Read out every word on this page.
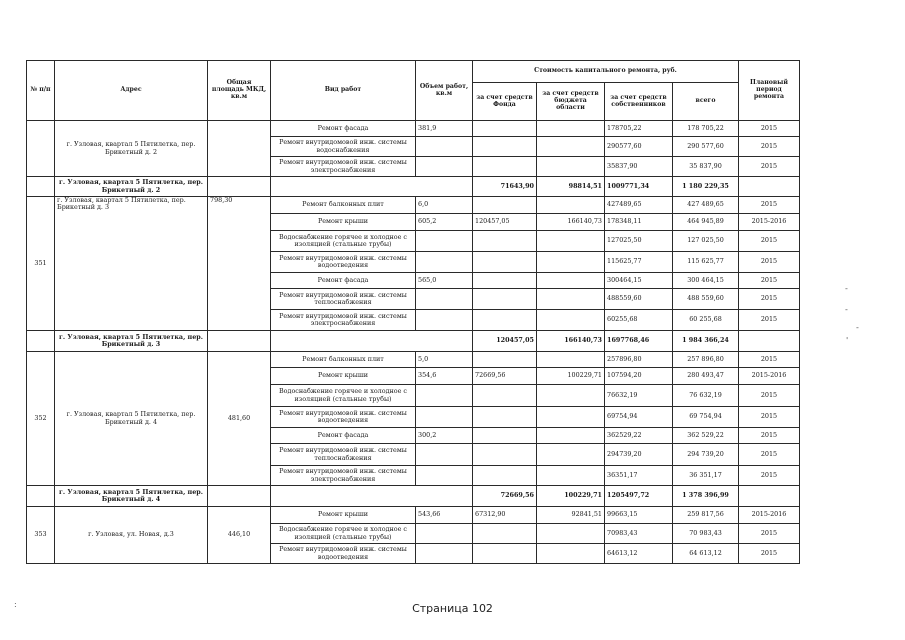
№ п/п	Адрес	Общая площадь МКД, кв.м	Вид работ	Объем работ, кв.м	Стоимость капитального ремонта, руб.				Плановый период ремонта
					за счет средств Фонда	за счет средств бюджета области	за счет средств собственников	всего	
	г. Узловая, квартал 5 Пятилетка, пер. Брикетный д. 2		Ремонт фасада	381,9			178705,22	178 705,22	2015
			Ремонт внутридомовой инж. системы водоснабжения				290577,60	290 577,60	2015
			Ремонт внутридомовой инж. системы электроснабжения				35837,90	35 837,90	2015
	г. Узловая, квартал 5 Пятилетка, пер. Брикетный д. 2				71643,90	98814,51	1009771,34	1 180 229,35	
351	г. Узловая, квартал 5 Пятилетка, пер. Брикетный д. 3	798,30	Ремонт балконных плит	6,0			427489,65	427 489,65	2015
			Ремонт крыши	605,2	120457,05	166140,73	178348,11	464 945,89	2015-2016
			Водоснабжение горячее и холодное с изоляцией (стальные трубы)				127025,50	127 025,50	2015
			Ремонт внутридомовой инж. системы водоотведения				115625,77	115 625,77	2015
			Ремонт фасада	565,0			300464,15	300 464,15	2015
			Ремонт внутридомовой инж. системы теплоснабжения				488559,60	488 559,60	2015
			Ремонт внутридомовой инж. системы электроснабжения				60255,68	60 255,68	2015
	г. Узловая, квартал 5 Пятилетка, пер. Брикетный д. 3				120457,05	166140,73	1697768,46	1 984 366,24	
352	г. Узловая, квартал 5 Пятилетка, пер. Брикетный д. 4	481,60	Ремонт балконных плит	5,0			257896,80	257 896,80	2015
			Ремонт крыши	354,6	72669,56	100229,71	107594,20	280 493,47	2015-2016
			Водоснабжение горячее и холодное с изоляцией (стальные трубы)				76632,19	76 632,19	2015
			Ремонт внутридомовой инж. системы водоотведения				69754,94	69 754,94	2015
			Ремонт фасада	300,2			362529,22	362 529,22	2015
			Ремонт внутридомовой инж. системы теплоснабжения				294739,20	294 739,20	2015
			Ремонт внутридомовой инж. системы электроснабжения				36351,17	36 351,17	2015
	г. Узловая, квартал 5 Пятилетка, пер. Брикетный д. 4				72669,56	100229,71	1205497,72	1 378 396,99	
353	г. Узловая, ул. Новая, д.3	446,10	Ремонт крыши	543,66	67312,90	92841,51	99663,15	259 817,56	2015-2016
			Водоснабжение горячее и холодное с изоляцией (стальные трубы)				70983,43	70 983,43	2015
			Ремонт внутридомовой инж. системы водоотведения				64613,12	64 613,12	2015
Страница 102
-
-
'
-
:
